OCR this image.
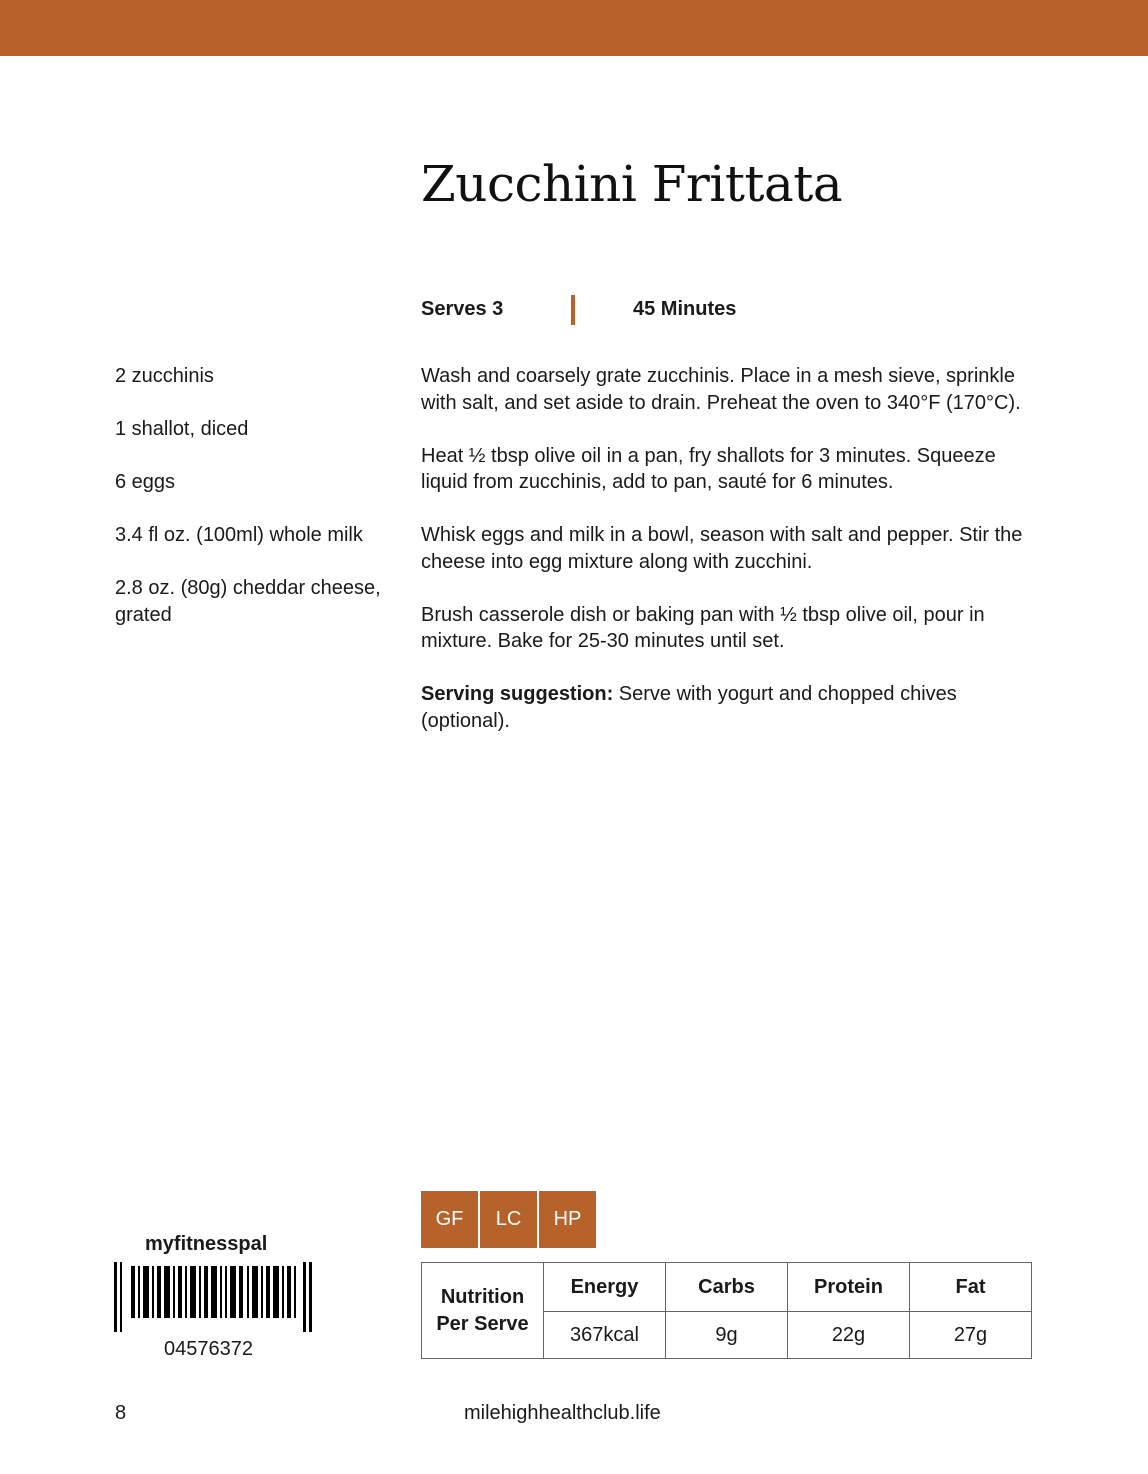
Zucchini Frittata
Serves 3	45 Minutes
2 zucchinis
1 shallot, diced
6 eggs
3.4 fl oz. (100ml) whole milk
2.8 oz. (80g) cheddar cheese, grated

Wash and coarsely grate zucchinis. Place in a mesh sieve, sprinkle with salt, and set aside to drain. Preheat the oven to 340°F (170°C).

Heat ½ tbsp olive oil in a pan, fry shallots for 3 minutes. Squeeze liquid from zucchinis, add to pan, sauté for 6 minutes.

Whisk eggs and milk in a bowl, season with salt and pepper. Stir the cheese into egg mixture along with zucchini.

Brush casserole dish or baking pan with ½ tbsp olive oil, pour in mixture. Bake for 25-30 minutes until set.

Serving suggestion: Serve with yogurt and chopped chives (optional).

GF	LC	HP
Nutrition
Per Serve	Energy	Carbs	Protein	Fat
	367kcal	9g	22g	27g
myfitnesspal
04576372
8	milehighhealthclub.life
